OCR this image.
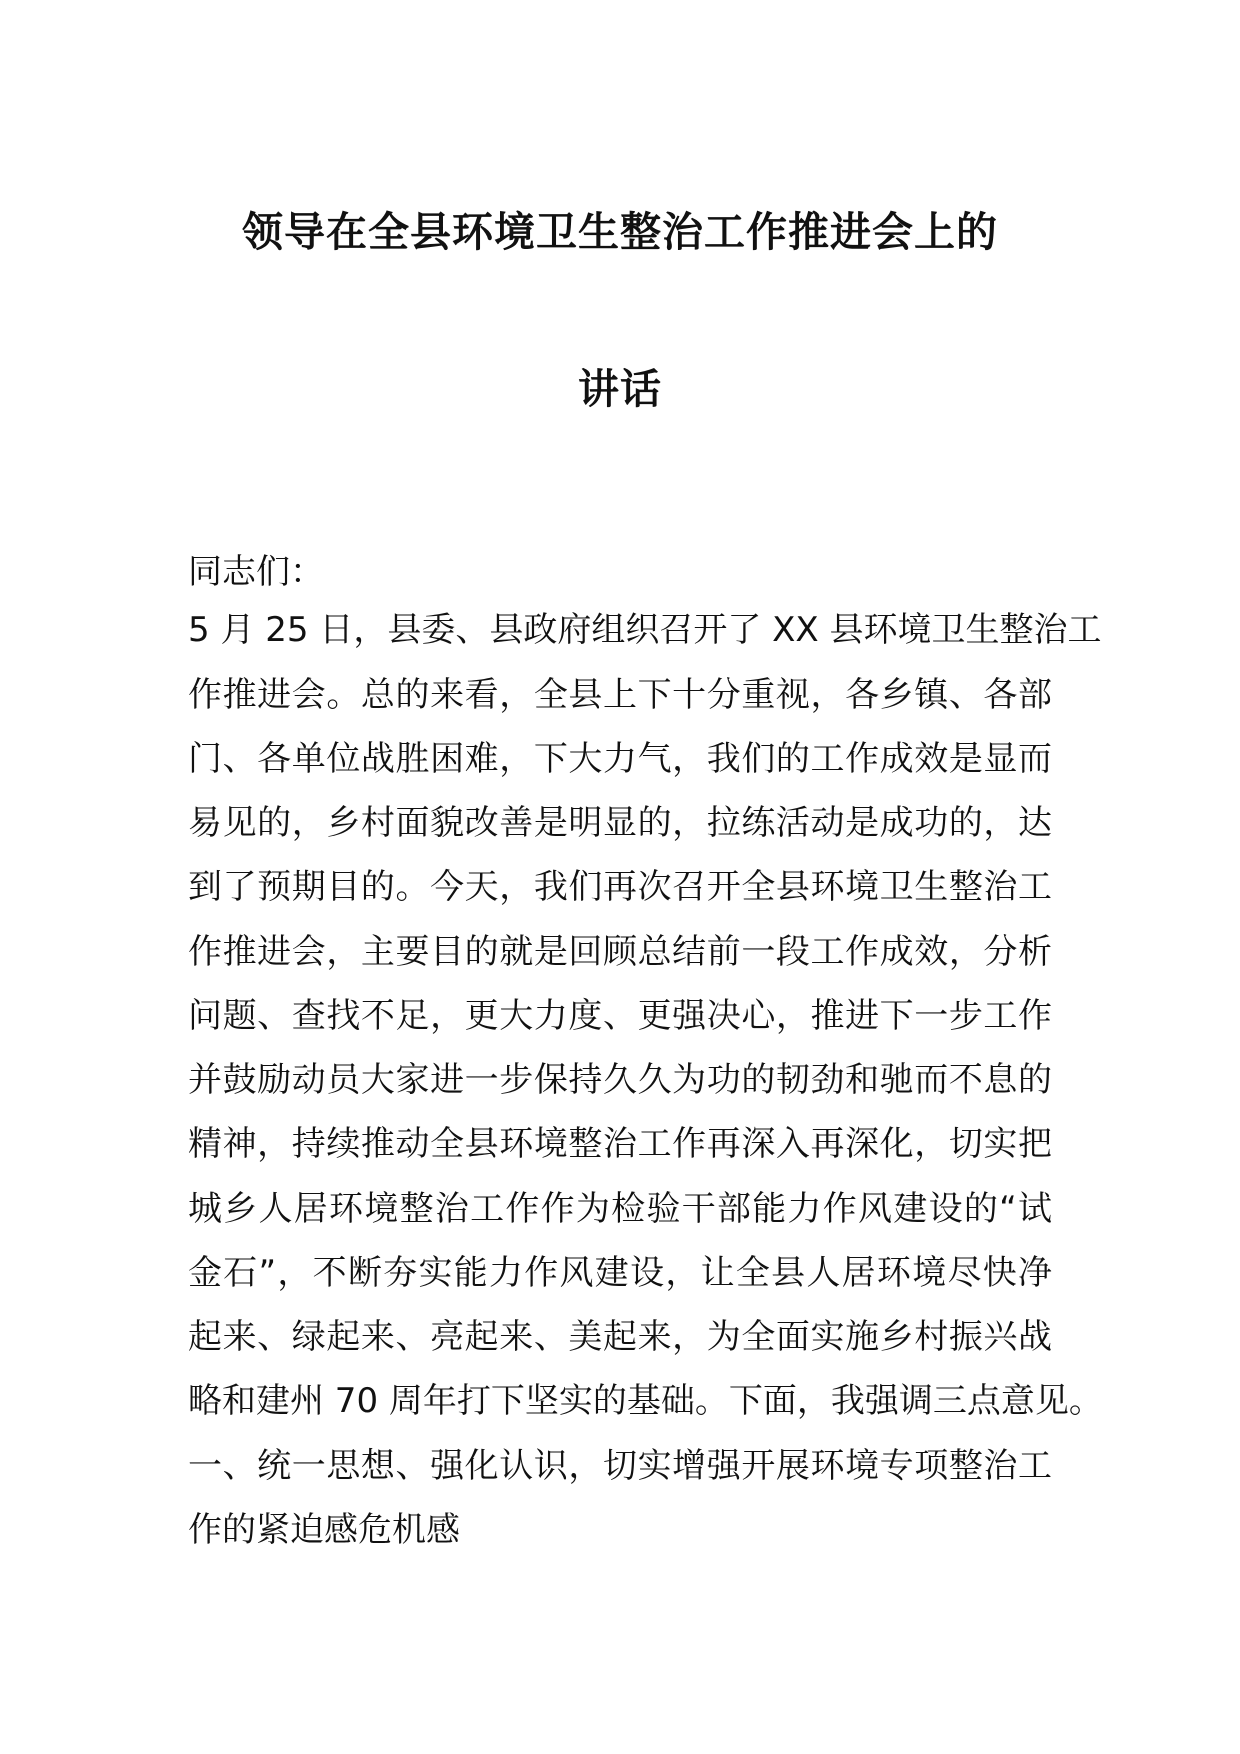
领导在全县环境卫生整治工作推进会上的
讲话

同志们：

5 月 25 日，县委、县政府组织召开了 XX 县环境卫生整治工

作推进会。总的来看，全县上下十分重视，各乡镇、各部

门、各单位战胜困难，下大力气，我们的工作成效是显而

易见的，乡村面貌改善是明显的，拉练活动是成功的，达

到了预期目的。今天，我们再次召开全县环境卫生整治工

作推进会，主要目的就是回顾总结前一段工作成效，分析

问题、查找不足，更大力度、更强决心，推进下一步工作

并鼓励动员大家进一步保持久久为功的韧劲和驰而不息的

精神，持续推动全县环境整治工作再深入再深化，切实把

城乡人居环境整治工作作为检验干部能力作风建设的“试

金石”，不断夯实能力作风建设，让全县人居环境尽快净

起来、绿起来、亮起来、美起来，为全面实施乡村振兴战

略和建州 70 周年打下坚实的基础。下面，我强调三点意见。

一、统一思想、强化认识，切实增强开展环境专项整治工

作的紧迫感危机感
